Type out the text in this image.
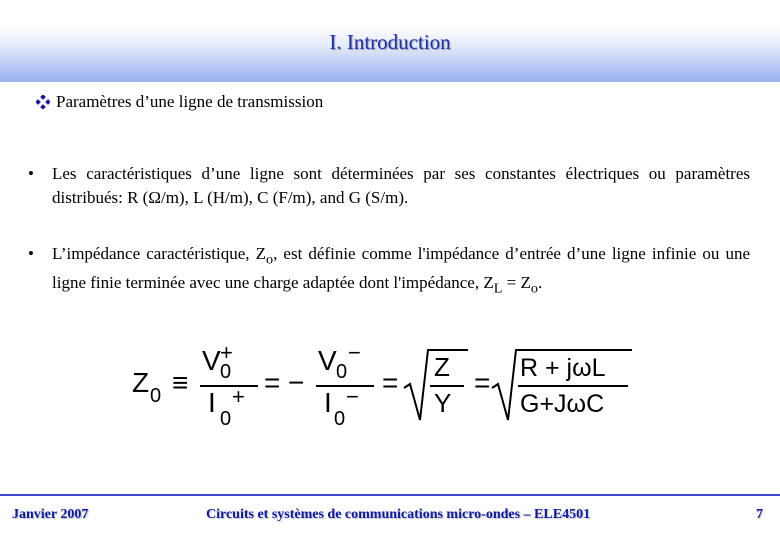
I. Introduction
Paramètres d’une ligne de transmission
• Les caractéristiques d’une ligne sont déterminées par ses constantes électriques ou paramètres distribués: R (Ω/m), L (H/m), C (F/m), and G (S/m).
• L’impédance caractéristique, $Z_o$, est définie comme l'impédance d’entrée d’une ligne infinie ou une ligne finie terminée avec une charge adaptée dont l'impédance, $Z_L = Z_o$.
Z 0 ≡
V 0
+
I
0
+ = −
V 0
−
I
0
− = Z
Y
= R + jωL
G+JωC
Janvier 2007	Circuits et systèmes de communications micro-ondes – ELE4501	7
